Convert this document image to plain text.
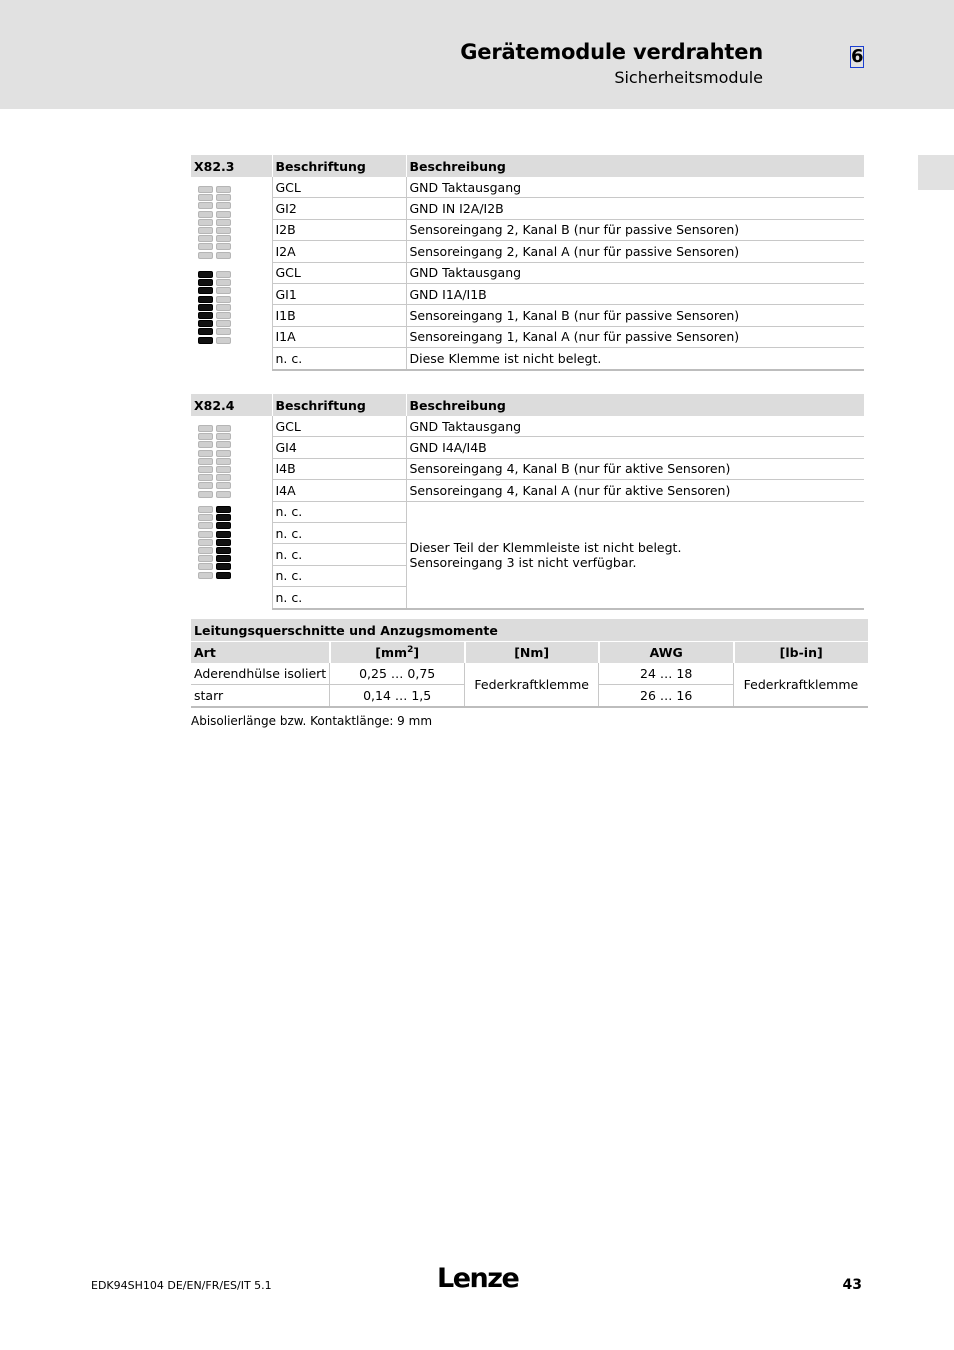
Gerätemodule verdrahten
Sicherheitsmodule
6
X82.3	Beschriftung	Beschreibung

	GCL	GND Taktausgang
	GI2	GND IN I2A/I2B
	I2B	Sensoreingang 2, Kanal B (nur für passive Sensoren)
	I2A	Sensoreingang 2, Kanal A (nur für passive Sensoren)
	GCL	GND Taktausgang
	GI1	GND I1A/I1B
	I1B	Sensoreingang 1, Kanal B (nur für passive Sensoren)
	I1A	Sensoreingang 1, Kanal A (nur für passive Sensoren)
	n. c.	Diese Klemme ist nicht belegt.
X82.4	Beschriftung	Beschreibung

	GCL	GND Taktausgang
	GI4	GND I4A/I4B
	I4B	Sensoreingang 4, Kanal B (nur für aktive Sensoren)
	I4A	Sensoreingang 4, Kanal A (nur für aktive Sensoren)
	n. c.	Dieser Teil der Klemmleiste ist nicht belegt.
Sensoreingang 3 ist nicht verfügbar.

	n. c.	
	n. c.	
	n. c.	
	n. c.	
Leitungsquerschnitte und Anzugsmomente				
Art	$[mm^2]$	[Nm]	AWG	[lb-in]
Aderendhülse isoliert	0,25 … 0,75	Federkraftklemme	24 … 18	Federkraftklemme
starr	0,14 … 1,5		26 … 16	
Abisolierlänge bzw. Kontaktlänge: 9 mm
EDK94SH104 DE/EN/FR/ES/IT 5.1	Lenze	43
